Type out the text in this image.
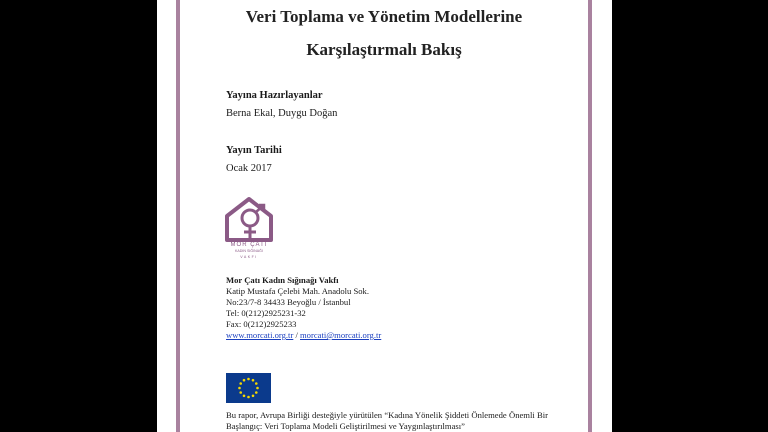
Veri Toplama ve Yönetim Modellerine
Karşılaştırmalı Bakış
Yayına Hazırlayanlar
Berna Ekal, Duygu Doğan
Yayın Tarihi
Ocak 2017
MOR ÇATI
KADIN SIĞINAĞI
VAKFI
Mor Çatı Kadın Sığınağı Vakfı
Katip Mustafa Çelebi Mah. Anadolu Sok.
No:23/7-8 34433 Beyoğlu / İstanbul
Tel: 0(212)2925231-32
Fax: 0(212)2925233
www.morcati.org.tr / morcati@morcati.org.tr
Bu rapor, Avrupa Birliği desteğiyle yürütülen “Kadına Yönelik Şiddeti Önlemede Önemli Bir Başlangıç: Veri Toplama Modeli Geliştirilmesi ve Yaygınlaştırılması”
